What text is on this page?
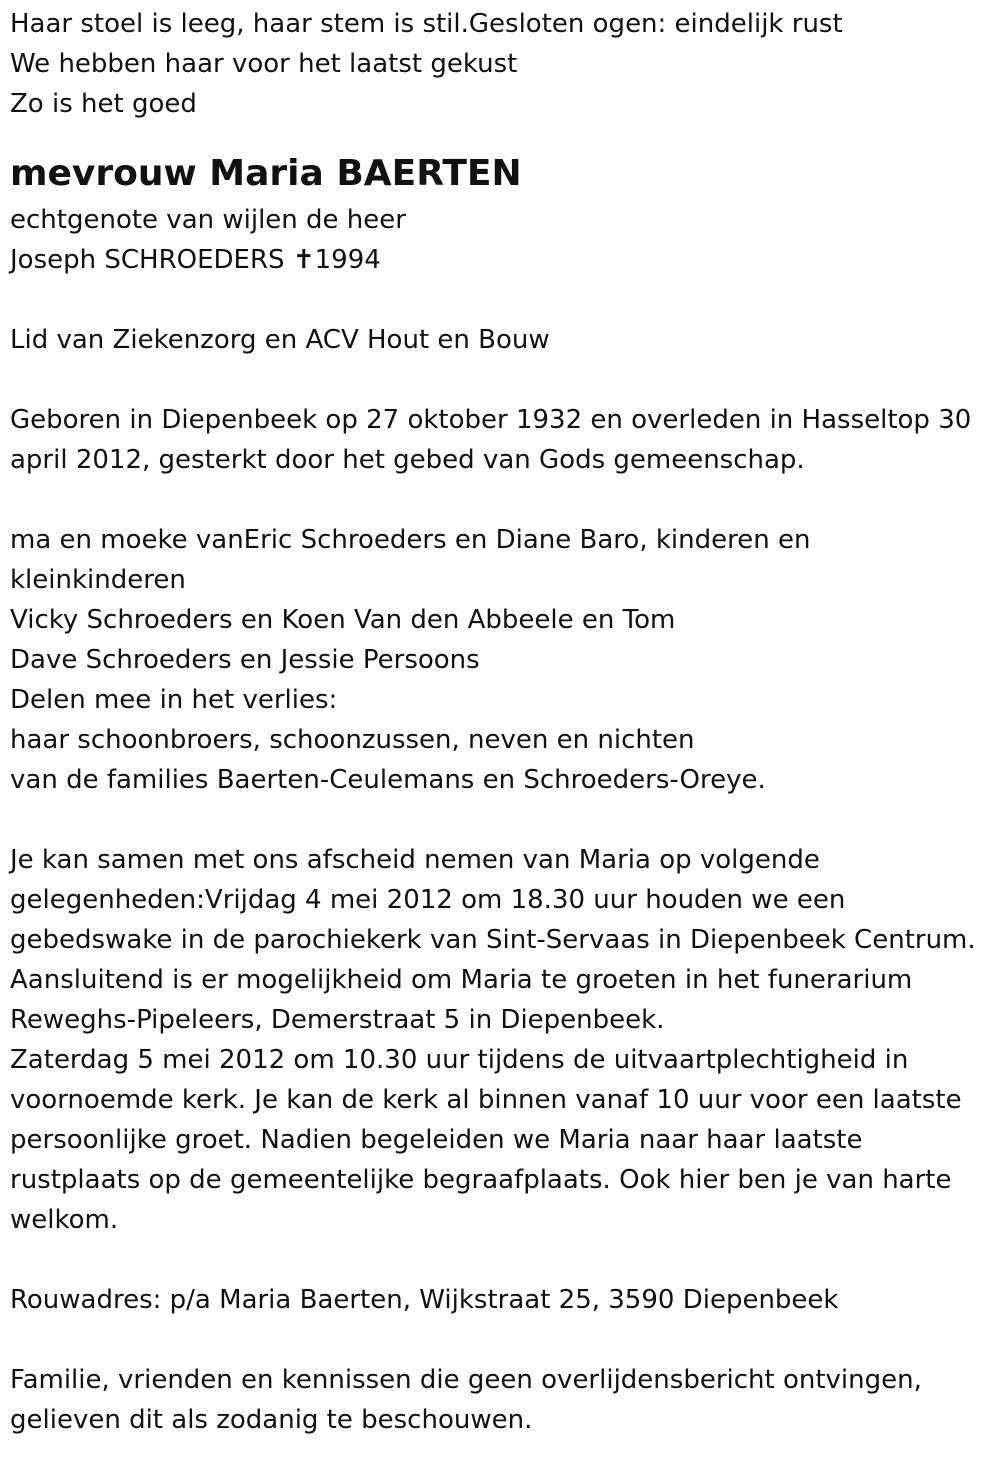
Haar stoel is leeg, haar stem is stil.Gesloten ogen: eindelijk rust
We hebben haar voor het laatst gekust
Zo is het goed
mevrouw Maria BAERTEN
echtgenote van wijlen de heer
Joseph SCHROEDERS ✝1994
Lid van Ziekenzorg en ACV Hout en Bouw
Geboren in Diepenbeek op 27 oktober 1932 en overleden in Hasseltop 30
april 2012, gesterkt door het gebed van Gods gemeenschap.
ma en moeke vanEric Schroeders en Diane Baro, kinderen en
kleinkinderen
Vicky Schroeders en Koen Van den Abbeele en Tom
Dave Schroeders en Jessie Persoons
Delen mee in het verlies:
haar schoonbroers, schoonzussen, neven en nichten
van de families Baerten-Ceulemans en Schroeders-Oreye.
Je kan samen met ons afscheid nemen van Maria op volgende
gelegenheden:Vrijdag 4 mei 2012 om 18.30 uur houden we een
gebedswake in de parochiekerk van Sint-Servaas in Diepenbeek Centrum.
Aansluitend is er mogelijkheid om Maria te groeten in het funerarium
Reweghs-Pipeleers, Demerstraat 5 in Diepenbeek.
Zaterdag 5 mei 2012 om 10.30 uur tijdens de uitvaartplechtigheid in
voornoemde kerk. Je kan de kerk al binnen vanaf 10 uur voor een laatste
persoonlijke groet. Nadien begeleiden we Maria naar haar laatste
rustplaats op de gemeentelijke begraafplaats. Ook hier ben je van harte
welkom.
Rouwadres: p/a Maria Baerten, Wijkstraat 25, 3590 Diepenbeek
Familie, vrienden en kennissen die geen overlijdensbericht ontvingen,
gelieven dit als zodanig te beschouwen.
